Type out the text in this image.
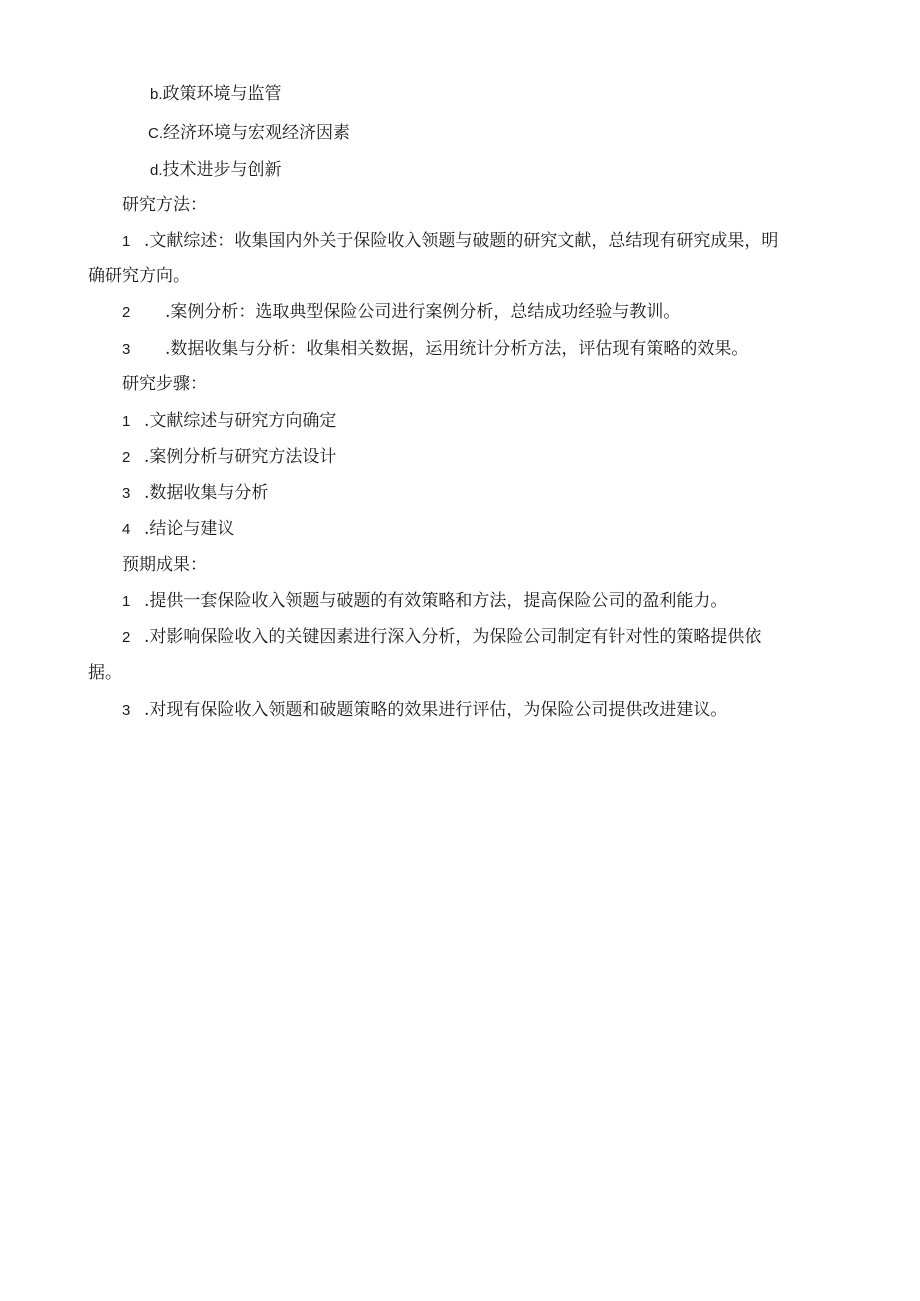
b.政策环境与监管
C.经济环境与宏观经济因素
d.技术进步与创新
研究方法：
1 .文献综述：收集国内外关于保险收入领题与破题的研究文献，总结现有研究成果，明
确研究方向。
2 .案例分析：选取典型保险公司进行案例分析，总结成功经验与教训。
3 .数据收集与分析：收集相关数据，运用统计分析方法，评估现有策略的效果。
研究步骤：
1 .文献综述与研究方向确定
2 .案例分析与研究方法设计
3 .数据收集与分析
4 .结论与建议
预期成果：
1 .提供一套保险收入领题与破题的有效策略和方法，提高保险公司的盈利能力。
2 .对影响保险收入的关键因素进行深入分析，为保险公司制定有针对性的策略提供依
据。
3 .对现有保险收入领题和破题策略的效果进行评估，为保险公司提供改进建议。
